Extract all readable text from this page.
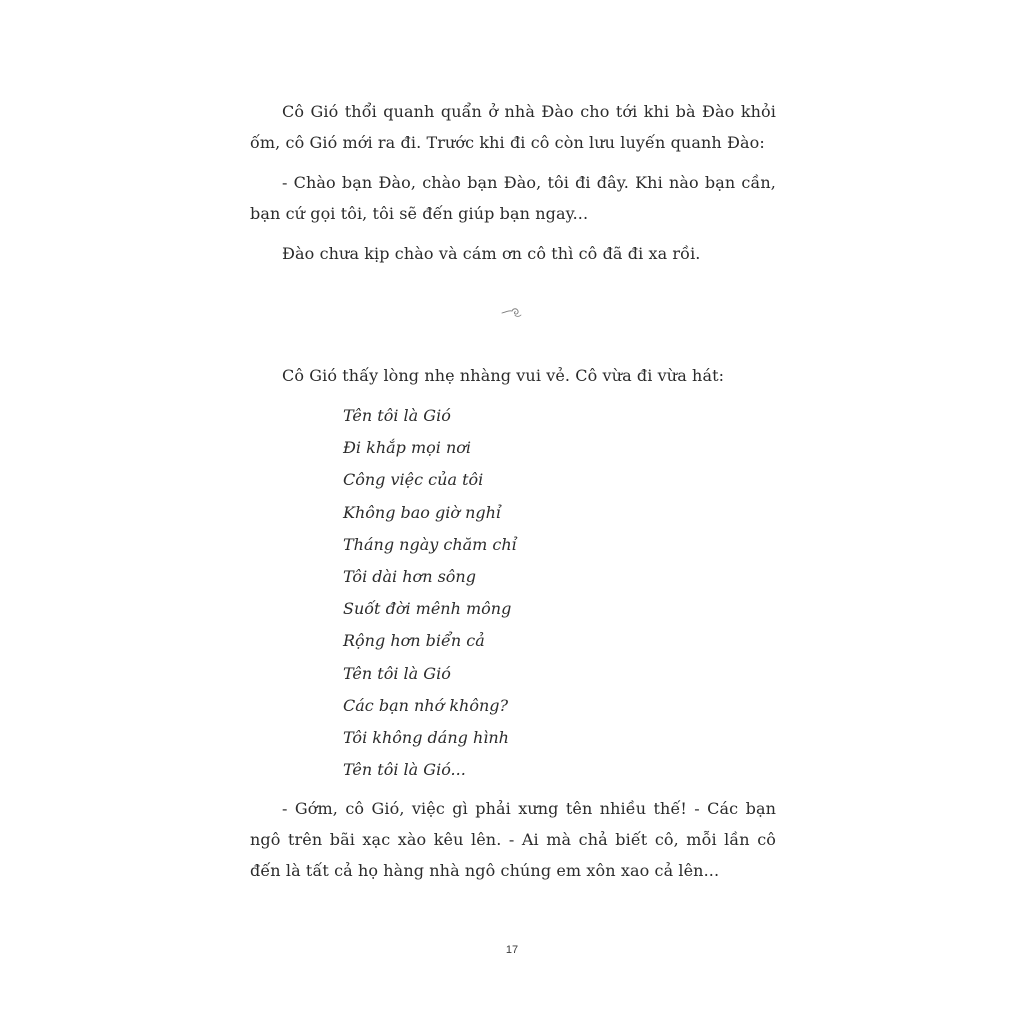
Cô Gió thổi quanh quẩn ở nhà Đào cho tới khi bà Đào khỏi ốm, cô Gió mới ra đi. Trước khi đi cô còn lưu luyến quanh Đào:

- Chào bạn Đào, chào bạn Đào, tôi đi đây. Khi nào bạn cần, bạn cứ gọi tôi, tôi sẽ đến giúp bạn ngay...

Đào chưa kịp chào và cám ơn cô thì cô đã đi xa rồi.

Cô Gió thấy lòng nhẹ nhàng vui vẻ. Cô vừa đi vừa hát:

Tên tôi là Gió
Đi khắp mọi nơi
Công việc của tôi
Không bao giờ nghỉ
Tháng ngày chăm chỉ
Tôi dài hơn sông
Suốt đời mênh mông
Rộng hơn biển cả
Tên tôi là Gió
Các bạn nhớ không?
Tôi không dáng hình
Tên tôi là Gió...

- Gớm, cô Gió, việc gì phải xưng tên nhiều thế! - Các bạn ngô trên bãi xạc xào kêu lên. - Ai mà chả biết cô, mỗi lần cô đến là tất cả họ hàng nhà ngô chúng em xôn xao cả lên...

17
